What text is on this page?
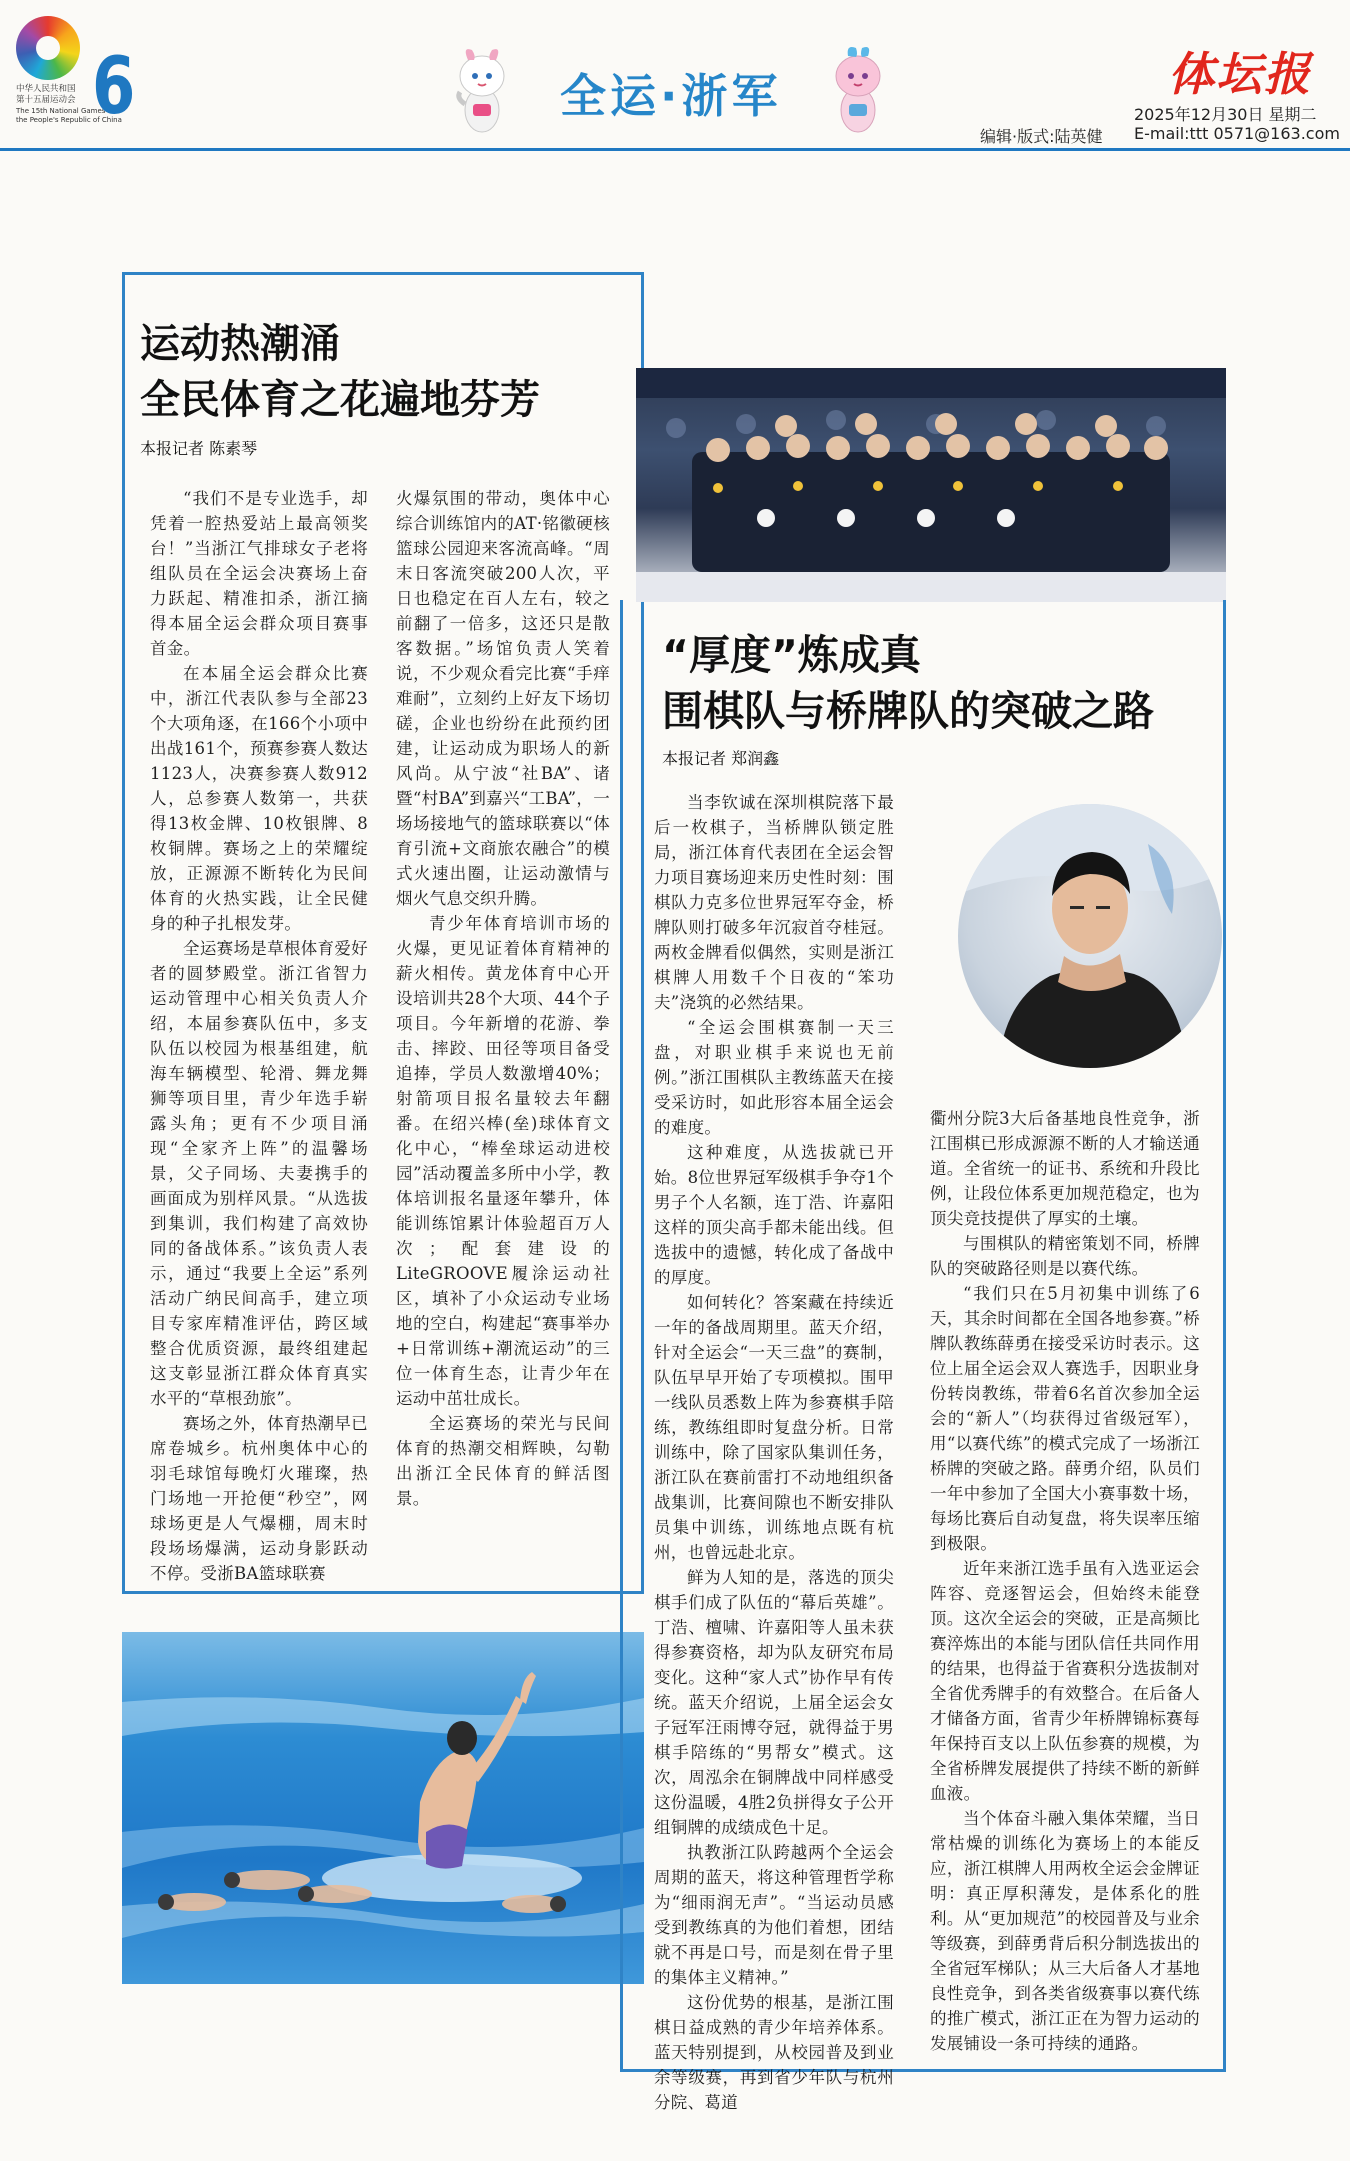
中华人民共和国
第十五届运动会
The 15th National Games of
the People's Republic of China
6	全运·浙军	体坛报
2025年12月30日 星期二
编辑·版式:陆英健 E-mail:ttt 0571@163.com
运动热潮涌
全民体育之花遍地芬芳
本报记者 陈素琴

“我们不是专业选手，却凭着一腔热爱站上最高领奖台！”当浙江气排球女子老将组队员在全运会决赛场上奋力跃起、精准扣杀，浙江摘得本届全运会群众项目赛事首金。

在本届全运会群众比赛中，浙江代表队参与全部23个大项角逐，在166个小项中出战161个，预赛参赛人数达1123人，决赛参赛人数912人，总参赛人数第一，共获得13枚金牌、10枚银牌、8枚铜牌。赛场之上的荣耀绽放，正源源不断转化为民间体育的火热实践，让全民健身的种子扎根发芽。

全运赛场是草根体育爱好者的圆梦殿堂。浙江省智力运动管理中心相关负责人介绍，本届参赛队伍中，多支队伍以校园为根基组建，航海车辆模型、轮滑、舞龙舞狮等项目里，青少年选手崭露头角；更有不少项目涌现“全家齐上阵”的温馨场景，父子同场、夫妻携手的画面成为别样风景。“从选拔到集训，我们构建了高效协同的备战体系。”该负责人表示，通过“我要上全运”系列活动广纳民间高手，建立项目专家库精准评估，跨区域整合优质资源，最终组建起这支彰显浙江群众体育真实水平的“草根劲旅”。

赛场之外，体育热潮早已席卷城乡。杭州奥体中心的羽毛球馆每晚灯火璀璨，热门场地一开抢便“秒空”，网球场更是人气爆棚，周末时段场场爆满，运动身影跃动不停。受浙BA篮球联赛

火爆氛围的带动，奥体中心综合训练馆内的AT·铭徽硬核篮球公园迎来客流高峰。“周末日客流突破200人次，平日也稳定在百人左右，较之前翻了一倍多，这还只是散客数据。”场馆负责人笑着说，不少观众看完比赛“手痒难耐”，立刻约上好友下场切磋，企业也纷纷在此预约团建，让运动成为职场人的新风尚。从宁波“社BA”、诸暨“村BA”到嘉兴“工BA”，一场场接地气的篮球联赛以“体育引流+文商旅农融合”的模式火速出圈，让运动激情与烟火气息交织升腾。

青少年体育培训市场的火爆，更见证着体育精神的薪火相传。黄龙体育中心开设培训共28个大项、44个子项目。今年新增的花游、拳击、摔跤、田径等项目备受追捧，学员人数激增40%；射箭项目报名量较去年翻番。在绍兴棒(垒)球体育文化中心，“棒垒球运动进校园”活动覆盖多所中小学，教体培训报名量逐年攀升，体能训练馆累计体验超百万人次；配套建设的LiteGROOVE履涂运动社区，填补了小众运动专业场地的空白，构建起“赛事举办+日常训练+潮流运动”的三位一体育生态，让青少年在运动中茁壮成长。

全运赛场的荣光与民间体育的热潮交相辉映，勾勒出浙江全民体育的鲜活图景。

“厚度”炼成真
围棋队与桥牌队的突破之路
本报记者 郑润鑫

当李钦诚在深圳棋院落下最后一枚棋子，当桥牌队锁定胜局，浙江体育代表团在全运会智力项目赛场迎来历史性时刻：围棋队力克多位世界冠军夺金，桥牌队则打破多年沉寂首夺桂冠。两枚金牌看似偶然，实则是浙江棋牌人用数千个日夜的“笨功夫”浇筑的必然结果。

“全运会围棋赛制一天三盘，对职业棋手来说也无前例。”浙江围棋队主教练蓝天在接受采访时，如此形容本届全运会的难度。

这种难度，从选拔就已开始。8位世界冠军级棋手争夺1个男子个人名额，连丁浩、许嘉阳这样的顶尖高手都未能出线。但选拔中的遗憾，转化成了备战中的厚度。

如何转化？答案藏在持续近一年的备战周期里。蓝天介绍，针对全运会“一天三盘”的赛制，队伍早早开始了专项模拟。围甲一线队员悉数上阵为参赛棋手陪练，教练组即时复盘分析。日常训练中，除了国家队集训任务，浙江队在赛前雷打不动地组织备战集训，比赛间隙也不断安排队员集中训练，训练地点既有杭州，也曾远赴北京。

鲜为人知的是，落选的顶尖棋手们成了队伍的“幕后英雄”。丁浩、檀啸、许嘉阳等人虽未获得参赛资格，却为队友研究布局变化。这种“家人式”协作早有传统。蓝天介绍说，上届全运会女子冠军汪雨博夺冠，就得益于男棋手陪练的“男帮女”模式。这次，周泓余在铜牌战中同样感受这份温暖，4胜2负拼得女子公开组铜牌的成绩成色十足。

执教浙江队跨越两个全运会周期的蓝天，将这种管理哲学称为“细雨润无声”。“当运动员感受到教练真的为他们着想，团结就不再是口号，而是刻在骨子里的集体主义精神。”

这份优势的根基，是浙江围棋日益成熟的青少年培养体系。蓝天特别提到，从校园普及到业余等级赛，再到省少年队与杭州分院、葛道

衢州分院3大后备基地良性竞争，浙江围棋已形成源源不断的人才输送通道。全省统一的证书、系统和升段比例，让段位体系更加规范稳定，也为顶尖竞技提供了厚实的土壤。

与围棋队的精密策划不同，桥牌队的突破路径则是以赛代练。

“我们只在5月初集中训练了6天，其余时间都在全国各地参赛。”桥牌队教练薛勇在接受采访时表示。这位上届全运会双人赛选手，因职业身份转岗教练，带着6名首次参加全运会的“新人”（均获得过省级冠军），用“以赛代练”的模式完成了一场浙江桥牌的突破之路。薛勇介绍，队员们一年中参加了全国大小赛事数十场，每场比赛后自动复盘，将失误率压缩到极限。

近年来浙江选手虽有入选亚运会阵容、竞逐智运会，但始终未能登顶。这次全运会的突破，正是高频比赛淬炼出的本能与团队信任共同作用的结果，也得益于省赛积分选拔制对全省优秀牌手的有效整合。在后备人才储备方面，省青少年桥牌锦标赛每年保持百支以上队伍参赛的规模，为全省桥牌发展提供了持续不断的新鲜血液。

当个体奋斗融入集体荣耀，当日常枯燥的训练化为赛场上的本能反应，浙江棋牌人用两枚全运会金牌证明：真正厚积薄发，是体系化的胜利。从“更加规范”的校园普及与业余等级赛，到薛勇背后积分制选拔出的全省冠军梯队；从三大后备人才基地良性竞争，到各类省级赛事以赛代练的推广模式，浙江正在为智力运动的发展铺设一条可持续的通路。
